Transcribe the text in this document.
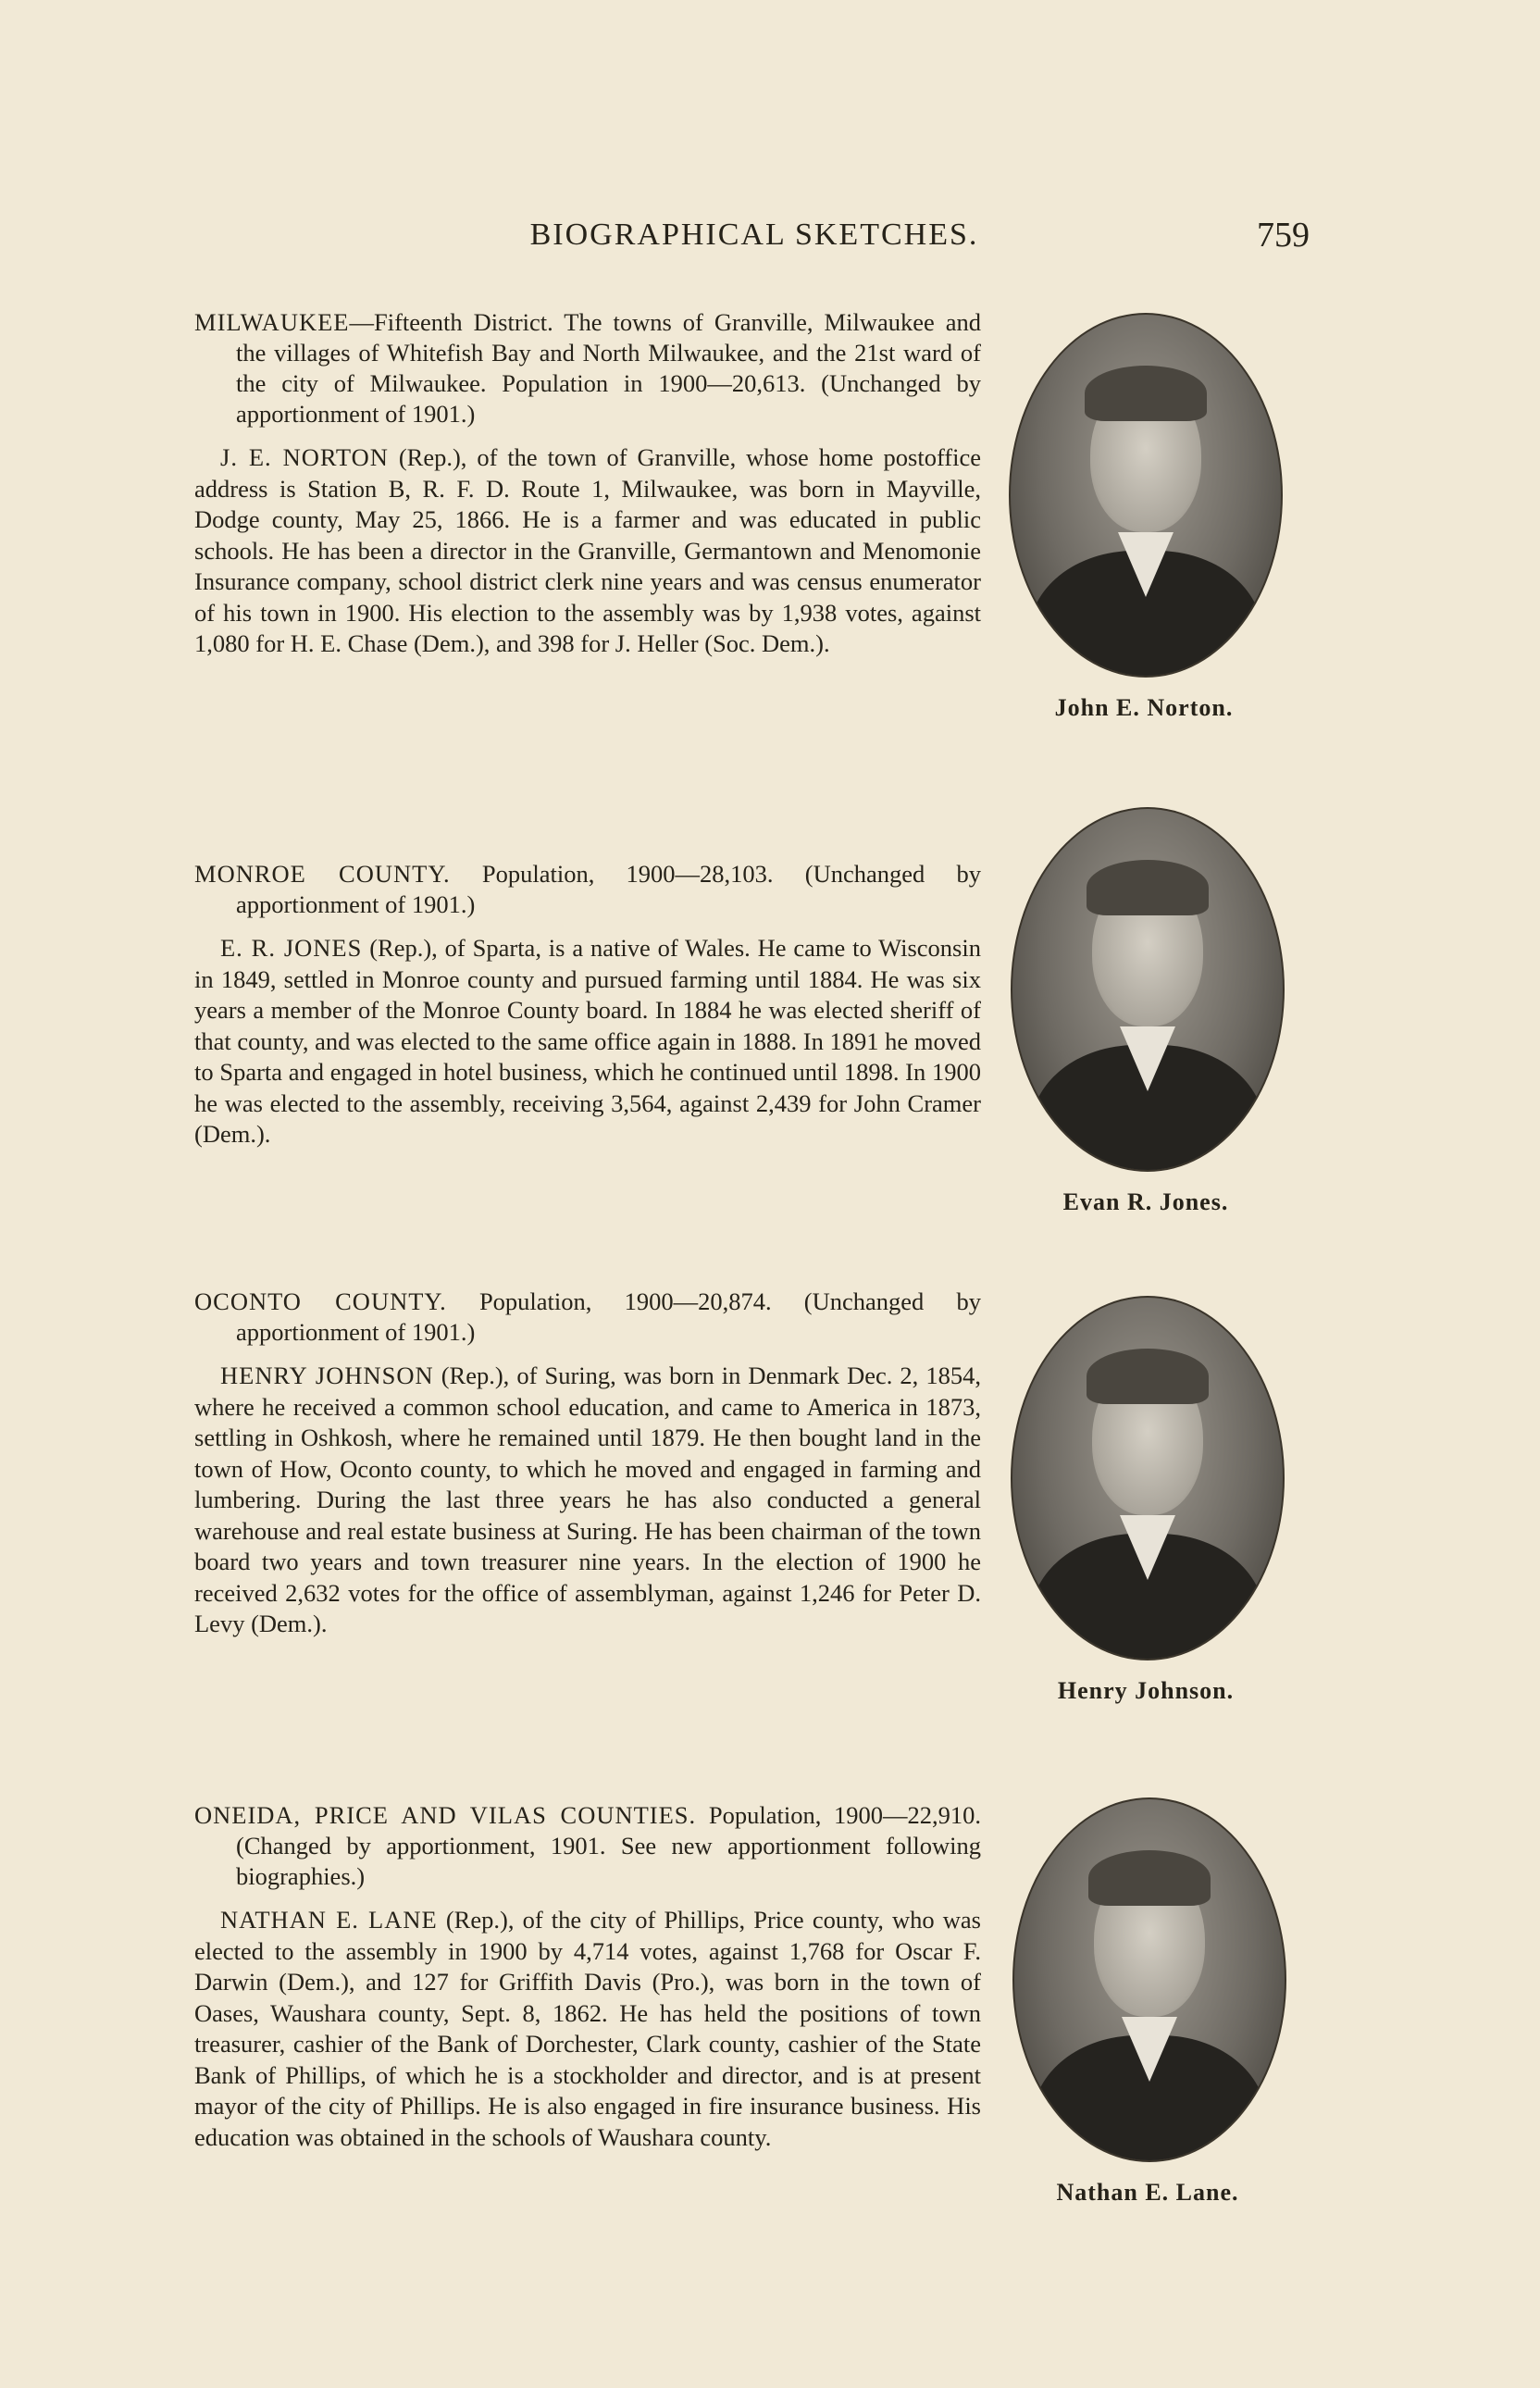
BIOGRAPHICAL SKETCHES.	759

MILWAUKEE—Fifteenth District. The towns of Granville, Milwaukee and the villages of Whitefish Bay and North Milwaukee, and the 21st ward of the city of Milwaukee. Population in 1900—20,613. (Unchanged by apportionment of 1901.)

J. E. NORTON (Rep.), of the town of Granville, whose home postoffice address is Station B, R. F. D. Route 1, Milwaukee, was born in Mayville, Dodge county, May 25, 1866. He is a farmer and was educated in public schools. He has been a director in the Granville, Germantown and Menomonie Insurance company, school district clerk nine years and was census enumerator of his town in 1900. His election to the assembly was by 1,938 votes, against 1,080 for H. E. Chase (Dem.), and 398 for J. Heller (Soc. Dem.).

John E. Norton.

MONROE COUNTY. Population, 1900—28,103. (Unchanged by apportionment of 1901.)

E. R. JONES (Rep.), of Sparta, is a native of Wales. He came to Wisconsin in 1849, settled in Monroe county and pursued farming until 1884. He was six years a member of the Monroe County board. In 1884 he was elected sheriff of that county, and was elected to the same office again in 1888. In 1891 he moved to Sparta and engaged in hotel business, which he continued until 1898. In 1900 he was elected to the assembly, receiving 3,564, against 2,439 for John Cramer (Dem.).

Evan R. Jones.

OCONTO COUNTY. Population, 1900—20,874. (Unchanged by apportionment of 1901.)

HENRY JOHNSON (Rep.), of Suring, was born in Denmark Dec. 2, 1854, where he received a common school education, and came to America in 1873, settling in Oshkosh, where he remained until 1879. He then bought land in the town of How, Oconto county, to which he moved and engaged in farming and lumbering. During the last three years he has also conducted a general warehouse and real estate business at Suring. He has been chairman of the town board two years and town treasurer nine years. In the election of 1900 he received 2,632 votes for the office of assemblyman, against 1,246 for Peter D. Levy (Dem.).

Henry Johnson.

ONEIDA, PRICE AND VILAS COUNTIES. Population, 1900—22,910. (Changed by apportionment, 1901. See new apportionment following biographies.)

NATHAN E. LANE (Rep.), of the city of Phillips, Price county, who was elected to the assembly in 1900 by 4,714 votes, against 1,768 for Oscar F. Darwin (Dem.), and 127 for Griffith Davis (Pro.), was born in the town of Oases, Waushara county, Sept. 8, 1862. He has held the positions of town treasurer, cashier of the Bank of Dorchester, Clark county, cashier of the State Bank of Phillips, of which he is a stockholder and director, and is at present mayor of the city of Phillips. He is also engaged in fire insurance business. His education was obtained in the schools of Waushara county.

Nathan E. Lane.
